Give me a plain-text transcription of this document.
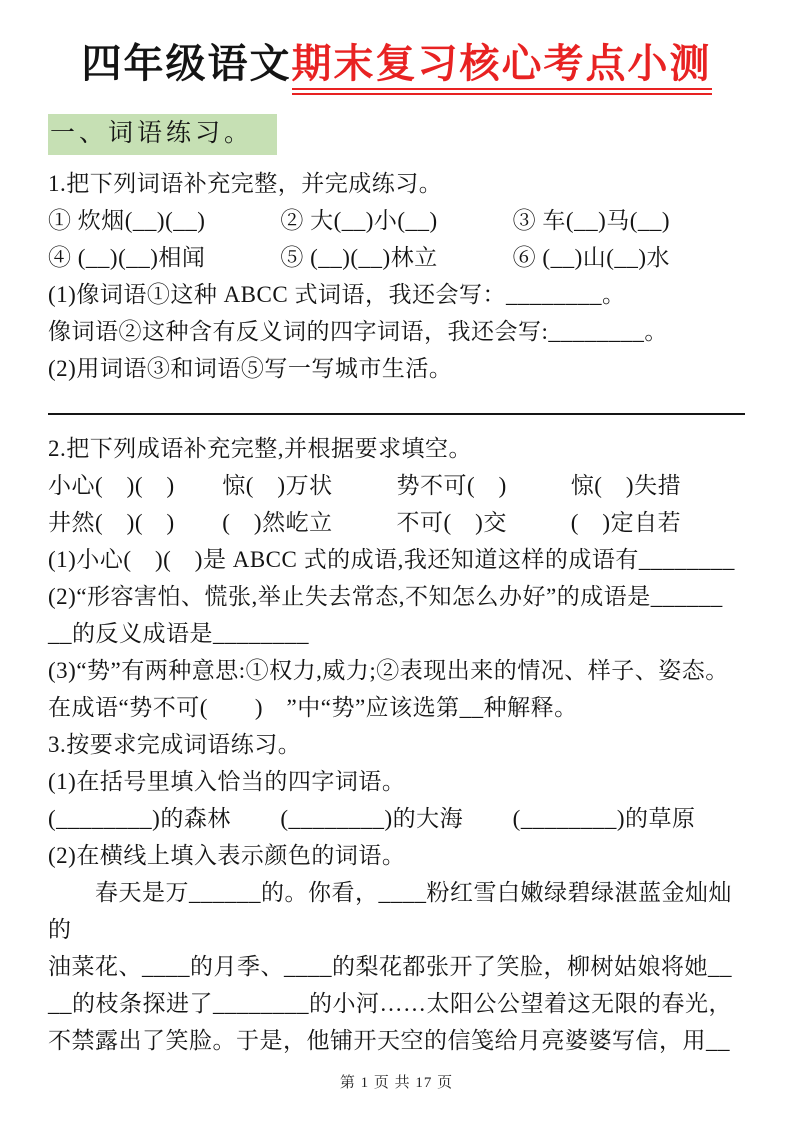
四年级语文期末复习核心考点小测
一、词语练习。

1.把下列词语补充完整，并完成练习。

① 炊烟(__)(__)	② 大(__)小(__)	③ 车(__)马(__)
④ (__)(__)相闻	⑤ (__)(__)林立	⑥ (__)山(__)水

(1)像词语①这种 ABCC 式词语，我还会写：________。

像词语②这种含有反义词的四字词语，我还会写:________。

(2)用词语③和词语⑤写一写城市生活。

2.把下列成语补充完整,并根据要求填空。

小心(　)(　)	惊(　)万状	势不可(　)	惊(　)失措
井然(　)(　)	(　)然屹立	不可(　)交	(　)定自若

(1)小心(　)(　)是 ABCC 式的成语,我还知道这样的成语有________

(2)“形容害怕、慌张,举止失去常态,不知怎么办好”的成语是______

__的反义成语是________

(3)“势”有两种意思:①权力,威力;②表现出来的情况、样子、姿态。

在成语“势不可(　　)　”中“势”应该选第__种解释。

3.按要求完成词语练习。

(1)在括号里填入恰当的四字词语。

(________)的森林	(________)的大海	(________)的草原

(2)在横线上填入表示颜色的词语。

春天是万______的。你看，____粉红雪白嫩绿碧绿湛蓝金灿灿的

油菜花、____的月季、____的梨花都张开了笑脸，柳树姑娘将她__

__的枝条探进了________的小河……太阳公公望着这无限的春光，

不禁露出了笑脸。于是，他铺开天空的信笺给月亮婆婆写信，用__

第 1 页 共 17 页
